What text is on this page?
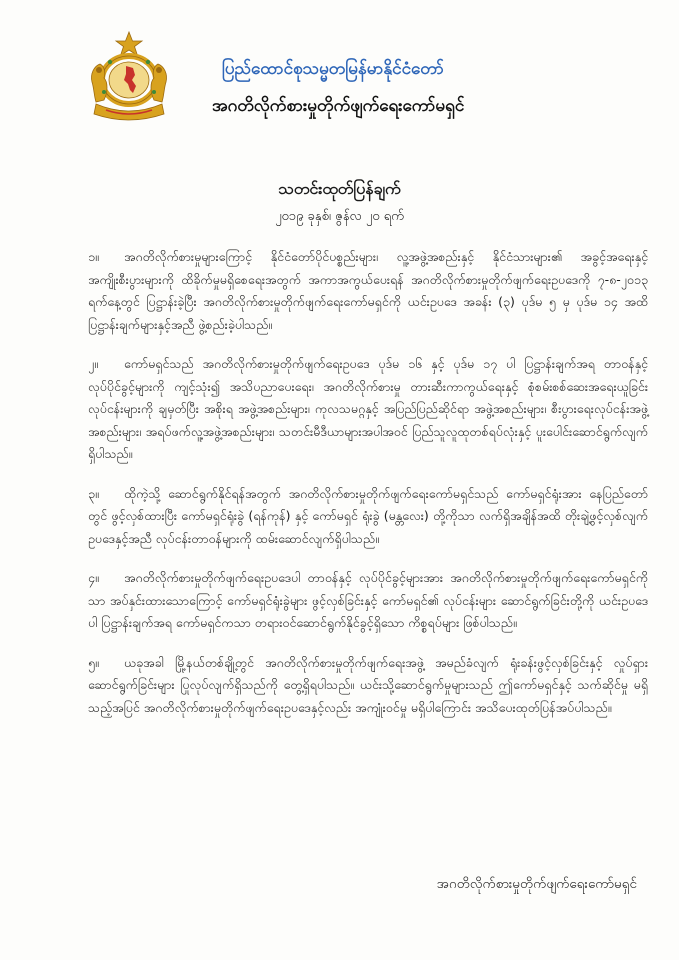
ပြည်ထောင်စုသမ္မတမြန်မာနိုင်ငံတော်
အဂတိလိုက်စားမှုတိုက်ဖျက်ရေးကော်မရှင်
သတင်းထုတ်ပြန်ချက်
၂၀၁၉ ခုနှစ်၊ ဇွန်လ ၂၀ ရက်

၁။ အဂတိလိုက်စားမှုများကြောင့် နိုင်ငံတော်ပိုင်ပစ္စည်းများ၊ လူ့အဖွဲ့အစည်းနှင့် နိုင်ငံသားများ၏ အခွင့်အရေးနှင့် အကျိုးစီးပွားများကို ထိခိုက်မှုမရှိစေရေးအတွက် အကာအကွယ်ပေးရန် အဂတိလိုက်စားမှုတိုက်ဖျက်ရေးဥပဒေကို ၇-၈-၂၀၁၃ ရက်နေ့တွင် ပြဋ္ဌာန်းခဲ့ပြီး အဂတိလိုက်စားမှုတိုက်ဖျက်ရေးကော်မရှင်ကို ယင်းဥပဒေ အခန်း (၃) ပုဒ်မ ၅ မှ ပုဒ်မ ၁၄ အထိ ပြဋ္ဌာန်းချက်များနှင့်အညီ ဖွဲ့စည်းခဲ့ပါသည်။

၂။ ကော်မရှင်သည် အဂတိလိုက်စားမှုတိုက်ဖျက်ရေးဥပဒေ ပုဒ်မ ၁၆ နှင့် ပုဒ်မ ၁၇ ပါ ပြဋ္ဌာန်းချက်အရ တာဝန်နှင့် လုပ်ပိုင်ခွင့်များကို ကျင့်သုံး၍ အသိပညာပေးရေး၊ အဂတိလိုက်စားမှု တားဆီးကာကွယ်ရေးနှင့် စုံစမ်းစစ်ဆေးအရေးယူခြင်း လုပ်ငန်းများကို ချမှတ်ပြီး အစိုးရ အဖွဲ့အစည်းများ၊ ကုလသမဂ္ဂနှင့် အပြည်ပြည်ဆိုင်ရာ အဖွဲ့အစည်းများ၊ စီးပွားရေးလုပ်ငန်းအဖွဲ့အစည်းများ၊ အရပ်ဖက်လူ့အဖွဲ့အစည်းများ၊ သတင်းမီဒီယာများအပါအဝင် ပြည်သူလူထုတစ်ရပ်လုံးနှင့် ပူးပေါင်းဆောင်ရွက်လျက်ရှိပါသည်။

၃။ ထိုကဲ့သို့ ဆောင်ရွက်နိုင်ရန်အတွက် အဂတိလိုက်စားမှုတိုက်ဖျက်ရေးကော်မရှင်သည် ကော်မရှင်ရုံးအား နေပြည်တော်တွင် ဖွင့်လှစ်ထားပြီး ကော်မရှင်ရုံးခွဲ (ရန်ကုန်) နှင့် ကော်မရှင် ရုံးခွဲ (မန္တလေး) တို့ကိုသာ လက်ရှိအချိန်အထိ တိုးချဲ့ဖွင့်လှစ်လျက် ဥပဒေနှင့်အညီ လုပ်ငန်းတာဝန်များကို ထမ်းဆောင်လျက်ရှိပါသည်။

၄။ အဂတိလိုက်စားမှုတိုက်ဖျက်ရေးဥပဒေပါ တာဝန်နှင့် လုပ်ပိုင်ခွင့်များအား အဂတိလိုက်စားမှုတိုက်ဖျက်ရေးကော်မရှင်ကိုသာ အပ်နှင်းထားသောကြောင့် ကော်မရှင်ရုံးခွဲများ ဖွင့်လှစ်ခြင်းနှင့် ကော်မရှင်၏ လုပ်ငန်းများ ဆောင်ရွက်ခြင်းတို့ကို ယင်းဥပဒေပါ ပြဋ္ဌာန်းချက်အရ ကော်မရှင်ကသာ တရားဝင်ဆောင်ရွက်နိုင်ခွင့်ရှိသော ကိစ္စရပ်များ ဖြစ်ပါသည်။

၅။ ယခုအခါ မြို့နယ်တစ်ချို့တွင် အဂတိလိုက်စားမှုတိုက်ဖျက်ရေးအဖွဲ့ အမည်ခံလျက် ရုံးခန်းဖွင့်လှစ်ခြင်းနှင့် လှုပ်ရှားဆောင်ရွက်ခြင်းများ ပြုလုပ်လျက်ရှိသည်ကို တွေ့ရှိရပါသည်။ ယင်းသို့ဆောင်ရွက်မှုများသည် ဤကော်မရှင်နှင့် သက်ဆိုင်မှု မရှိသည့်အပြင် အဂတိလိုက်စားမှုတိုက်ဖျက်ရေးဥပဒေနှင့်လည်း အကျုံးဝင်မှု မရှိပါကြောင်း အသိပေးထုတ်ပြန်အပ်ပါသည်။

အဂတိလိုက်စားမှုတိုက်ဖျက်ရေးကော်မရှင်
